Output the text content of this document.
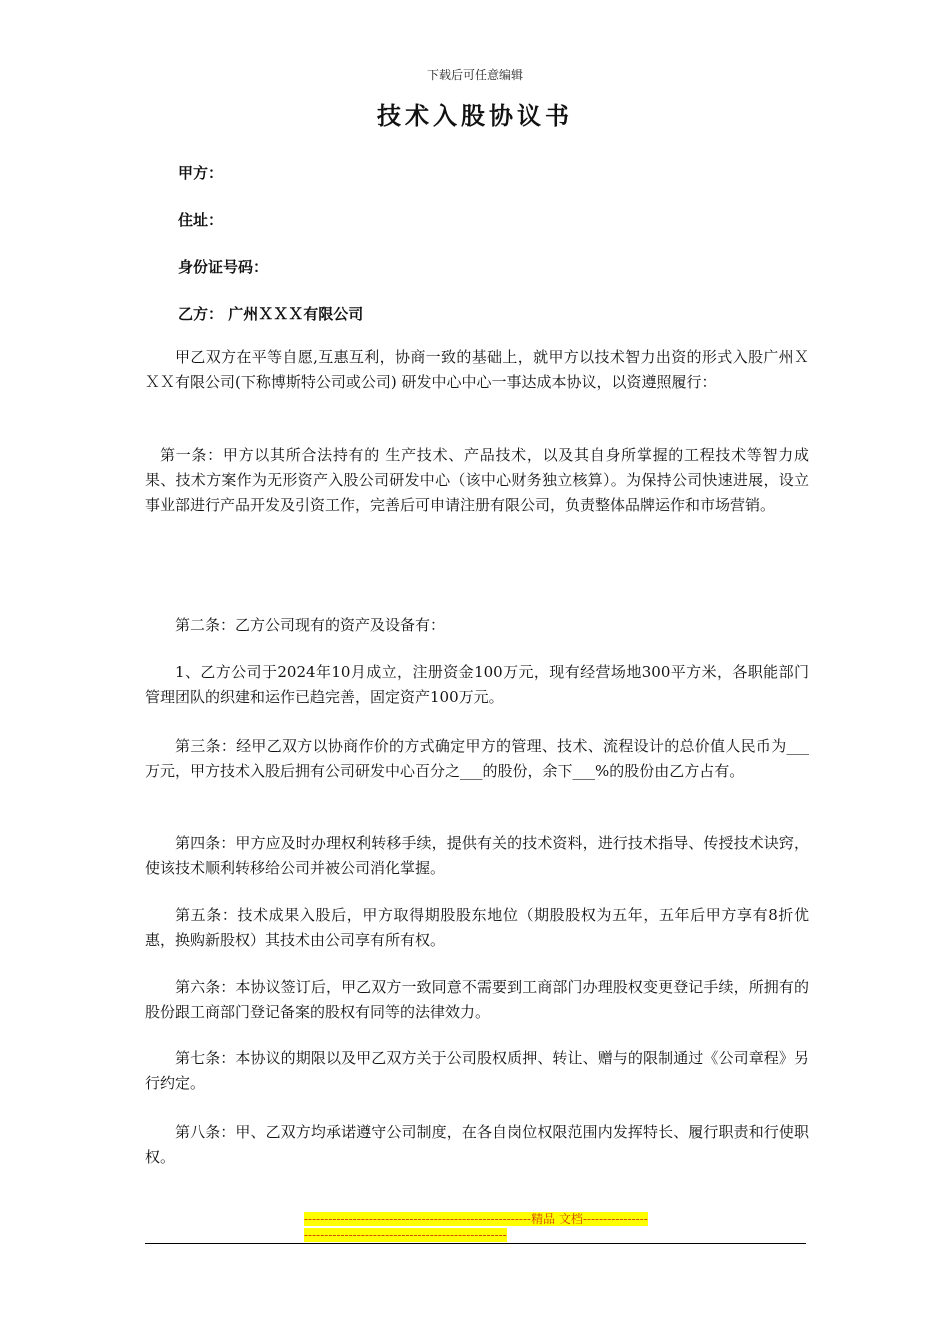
下载后可任意编辑
技术入股协议书
甲方：
住址：
身份证号码：
乙方： 广州ＸＸＸ有限公司

甲乙双方在平等自愿,互惠互利，协商一致的基础上，就甲方以技术智力出资的形式入股广州ＸＸＸ有限公司(下称博斯特公司或公司) 研发中心中心一事达成本协议，以资遵照履行：

第一条：甲方以其所合法持有的 生产技术、产品技术，以及其自身所掌握的工程技术等智力成果、技术方案作为无形资产入股公司研发中心（该中心财务独立核算）。为保持公司快速进展，设立事业部进行产品开发及引资工作，完善后可申请注册有限公司，负责整体品牌运作和市场营销。

第二条：乙方公司现有的资产及设备有：

1、乙方公司于2024年10月成立，注册资金100万元，现有经营场地300平方米，各职能部门管理团队的织建和运作已趋完善，固定资产100万元。

第三条：经甲乙双方以协商作价的方式确定甲方的管理、技术、流程设计的总价值人民币为___万元，甲方技术入股后拥有公司研发中心百分之___的股份，余下___%的股份由乙方占有。

第四条：甲方应及时办理权利转移手续，提供有关的技术资料，进行技术指导、传授技术诀窍，使该技术顺利转移给公司并被公司消化掌握。

第五条：技术成果入股后，甲方取得期股股东地位（期股股权为五年，五年后甲方享有8折优惠，换购新股权）其技术由公司享有所有权。

第六条：本协议签订后，甲乙双方一致同意不需要到工商部门办理股权变更登记手续，所拥有的股份跟工商部门登记备案的股权有同等的法律效力。

第七条：本协议的期限以及甲乙双方关于公司股权质押、转让、赠与的限制通过《公司章程》另行约定。

第八条：甲、乙双方均承诺遵守公司制度，在各自岗位权限范围内发挥特长、履行职责和行使职权。

--------------------------------------------------------精品 文档------------------------------------------------------------------
